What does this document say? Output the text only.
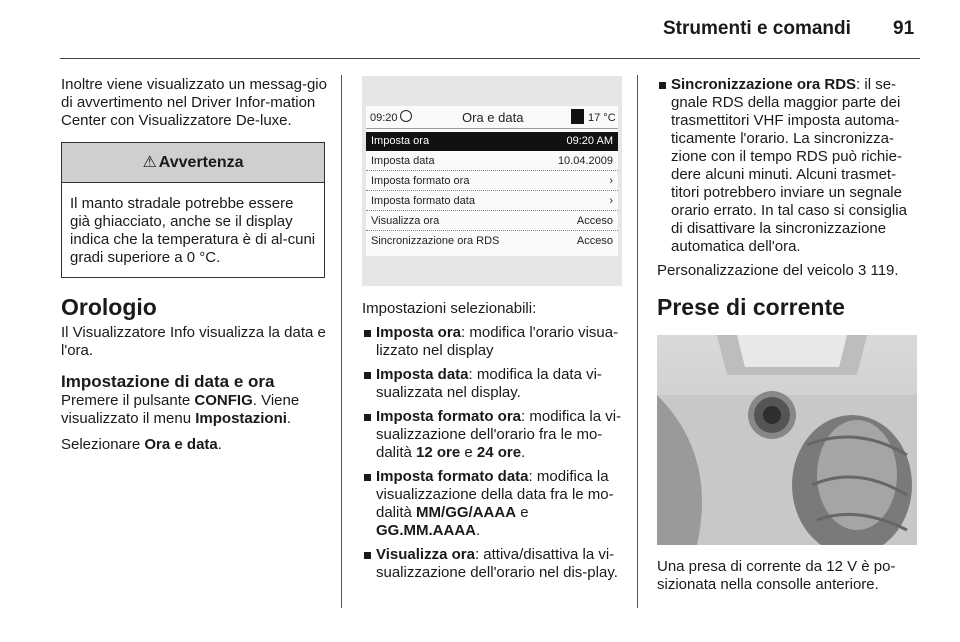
Strumenti e comandi 91

Inoltre viene visualizzato un messag-gio di avvertimento nel Driver Infor-mation Center con Visualizzatore De-luxe.

⚠ Avvertenza
Il manto stradale potrebbe essere già ghiacciato, anche se il display indica che la temperatura è di al-cuni gradi superiore a 0 °C.
Orologio

Il Visualizzatore Info visualizza la data e l'ora.

Impostazione di data e ora

Premere il pulsante CONFIG. Viene visualizzato il menu Impostazioni.

Selezionare Ora e data.

09:20	Ora e data	17 °C
Imposta ora	09:20 AM
Imposta data	10.04.2009
Imposta formato ora	›
Imposta formato data	›
Visualizza ora	Acceso
Sincronizzazione ora RDS	Acceso

Impostazioni selezionabili:

Imposta ora: modifica l'orario visua-lizzato nel display
Imposta data: modifica la data vi-sualizzata nel display.
Imposta formato ora: modifica la vi-sualizzazione dell'orario fra le mo-dalità 12 ore e 24 ore.
Imposta formato data: modifica la visualizzazione della data fra le mo-dalità MM/GG/AAAA e GG.MM.AAAA.
Visualizza ora: attiva/disattiva la vi-sualizzazione dell'orario nel dis-play.
Sincronizzazione ora RDS: il se-gnale RDS della maggior parte dei trasmettitori VHF imposta automa-ticamente l'orario. La sincronizza-zione con il tempo RDS può richie-dere alcuni minuti. Alcuni trasmet-titori potrebbero inviare un segnale orario errato. In tal caso si consiglia di disattivare la sincronizzazione automatica dell'ora.

Personalizzazione del veicolo 3 119.

Prese di corrente

Una presa di corrente da 12 V è po-sizionata nella consolle anteriore.
